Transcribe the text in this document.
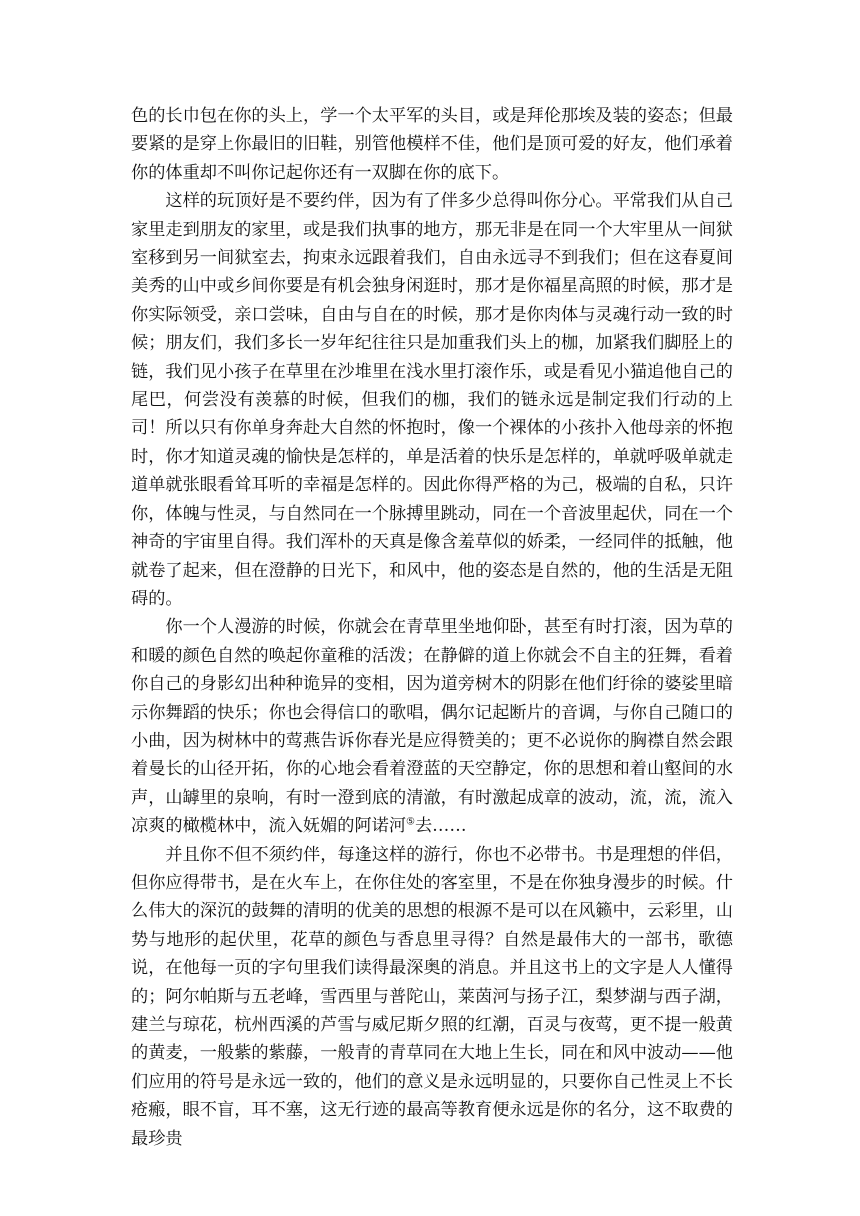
色的长巾包在你的头上，学一个太平军的头目，或是拜伦那埃及装的姿态；但最要紧的是穿上你最旧的旧鞋，别管他模样不佳，他们是顶可爱的好友，他们承着你的体重却不叫你记起你还有一双脚在你的底下。

这样的玩顶好是不要约伴，因为有了伴多少总得叫你分心。平常我们从自己家里走到朋友的家里，或是我们执事的地方，那无非是在同一个大牢里从一间狱室移到另一间狱室去，拘束永远跟着我们，自由永远寻不到我们；但在这春夏间美秀的山中或乡间你要是有机会独身闲逛时，那才是你福星高照的时候，那才是你实际领受，亲口尝味，自由与自在的时候，那才是你肉体与灵魂行动一致的时候；朋友们，我们多长一岁年纪往往只是加重我们头上的枷，加紧我们脚胫上的链，我们见小孩子在草里在沙堆里在浅水里打滚作乐，或是看见小猫追他自己的尾巴，何尝没有羡慕的时候，但我们的枷，我们的链永远是制定我们行动的上司！所以只有你单身奔赴大自然的怀抱时，像一个裸体的小孩扑入他母亲的怀抱时，你才知道灵魂的愉快是怎样的，单是活着的快乐是怎样的，单就呼吸单就走道单就张眼看耸耳听的幸福是怎样的。因此你得严格的为己，极端的自私，只许你，体魄与性灵，与自然同在一个脉搏里跳动，同在一个音波里起伏，同在一个神奇的宇宙里自得。我们浑朴的天真是像含羞草似的娇柔，一经同伴的抵触，他就卷了起来，但在澄静的日光下，和风中，他的姿态是自然的，他的生活是无阻碍的。

你一个人漫游的时候，你就会在青草里坐地仰卧，甚至有时打滚，因为草的和暖的颜色自然的唤起你童稚的活泼；在静僻的道上你就会不自主的狂舞，看着你自己的身影幻出种种诡异的变相，因为道旁树木的阴影在他们纡徐的婆娑里暗示你舞蹈的快乐；你也会得信口的歌唱，偶尔记起断片的音调，与你自己随口的小曲，因为树林中的莺燕告诉你春光是应得赞美的；更不必说你的胸襟自然会跟着曼长的山径开拓，你的心地会看着澄蓝的天空静定，你的思想和着山壑间的水声，山罅里的泉响，有时一澄到底的清澈，有时激起成章的波动，流，流，流入凉爽的橄榄林中，流入妩媚的阿诺河⑤去……

并且你不但不须约伴，每逢这样的游行，你也不必带书。书是理想的伴侣，但你应得带书，是在火车上，在你住处的客室里，不是在你独身漫步的时候。什么伟大的深沉的鼓舞的清明的优美的思想的根源不是可以在风籁中，云彩里，山势与地形的起伏里，花草的颜色与香息里寻得？自然是最伟大的一部书，歌德说，在他每一页的字句里我们读得最深奥的消息。并且这书上的文字是人人懂得的；阿尔帕斯与五老峰，雪西里与普陀山，莱茵河与扬子江，梨梦湖与西子湖，建兰与琼花，杭州西溪的芦雪与威尼斯夕照的红潮，百灵与夜莺，更不提一般黄的黄麦，一般紫的紫藤，一般青的青草同在大地上生长，同在和风中波动——他们应用的符号是永远一致的，他们的意义是永远明显的，只要你自己性灵上不长疮瘢，眼不盲，耳不塞，这无行迹的最高等教育便永远是你的名分，这不取费的最珍贵
